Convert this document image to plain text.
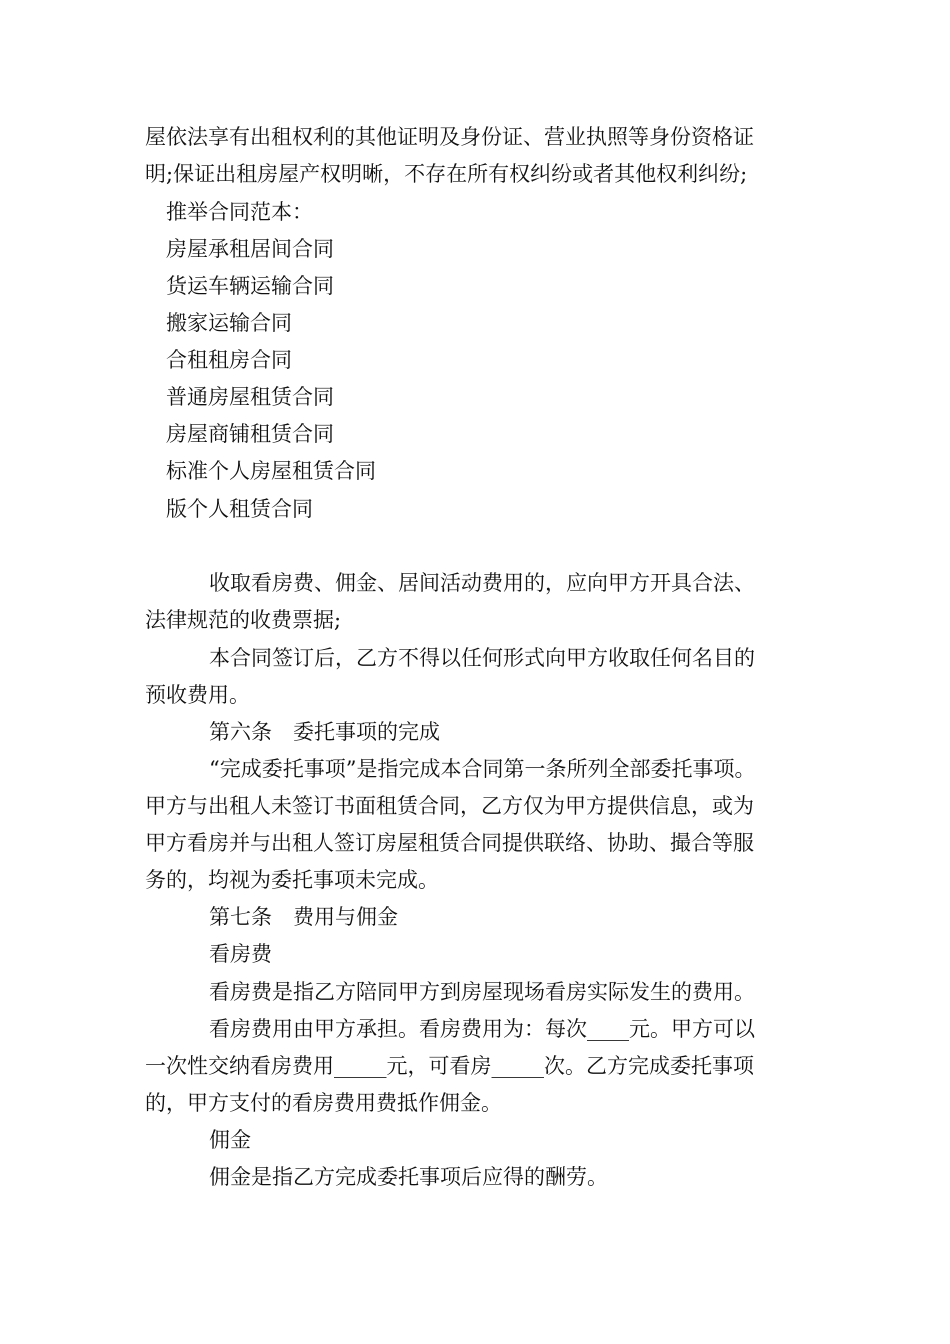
屋依法享有出租权利的其他证明及身份证、营业执照等身份资格证
明;保证出租房屋产权明晰，不存在所有权纠纷或者其他权利纠纷;
推举合同范本：
房屋承租居间合同
货运车辆运输合同
搬家运输合同
合租租房合同
普通房屋租赁合同
房屋商铺租赁合同
标准个人房屋租赁合同
版个人租赁合同
收取看房费、佣金、居间活动费用的，应向甲方开具合法、
法律规范的收费票据;
本合同签订后，乙方不得以任何形式向甲方收取任何名目的
预收费用。
第六条　委托事项的完成
“完成委托事项”是指完成本合同第一条所列全部委托事项。
甲方与出租人未签订书面租赁合同，乙方仅为甲方提供信息，或为
甲方看房并与出租人签订房屋租赁合同提供联络、协助、撮合等服
务的，均视为委托事项未完成。
第七条　费用与佣金
看房费
看房费是指乙方陪同甲方到房屋现场看房实际发生的费用。
看房费用由甲方承担。看房费用为：每次____元。甲方可以
一次性交纳看房费用_____元，可看房_____次。乙方完成委托事项
的，甲方支付的看房费用费抵作佣金。
佣金
佣金是指乙方完成委托事项后应得的酬劳。
